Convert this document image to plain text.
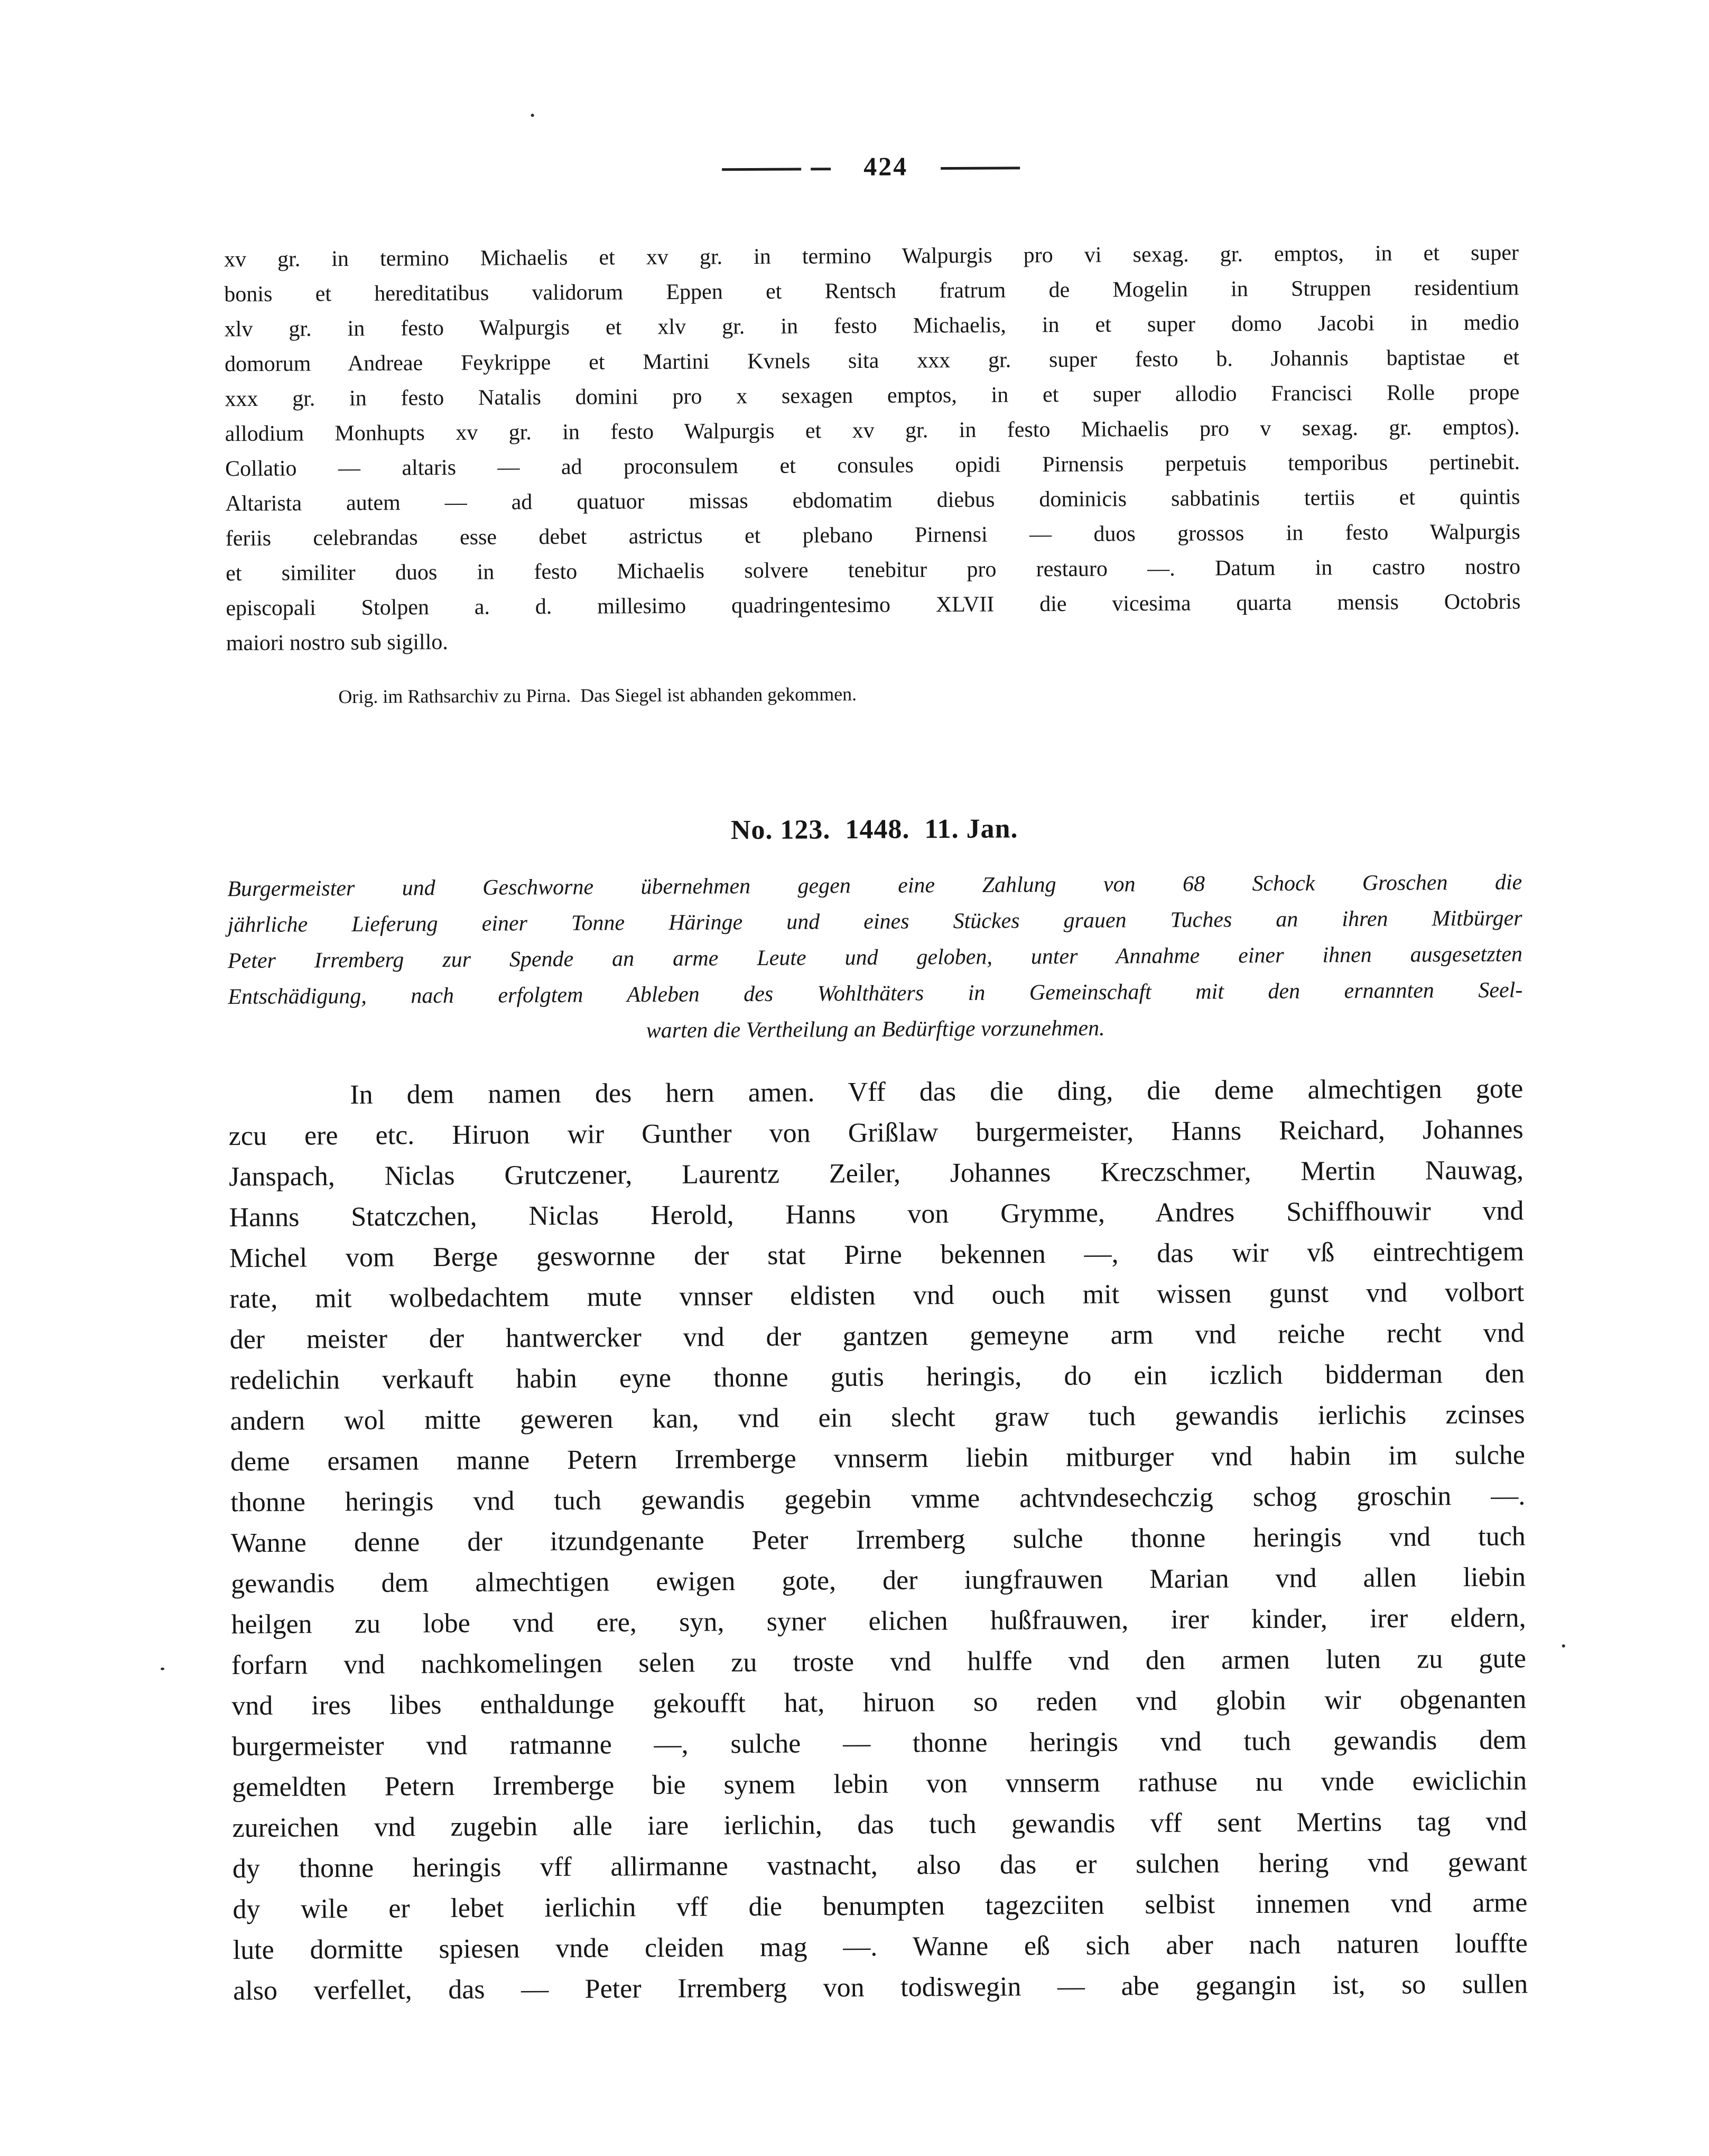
424
xv gr. in termino Michaelis et xv gr. in termino Walpurgis pro vi sexag. gr. emptos, in et super
bonis et hereditatibus validorum Eppen et Rentsch fratrum de Mogelin in Struppen residentium
xlv gr. in festo Walpurgis et xlv gr. in festo Michaelis, in et super domo Jacobi in medio
domorum Andreae Feykrippe et Martini Kvnels sita xxx gr. super festo b. Johannis baptistae et
xxx gr. in festo Natalis domini pro x sexagen emptos, in et super allodio Francisci Rolle prope
allodium Monhupts xv gr. in festo Walpurgis et xv gr. in festo Michaelis pro v sexag. gr. emptos).
Collatio — altaris — ad proconsulem et consules opidi Pirnensis perpetuis temporibus pertinebit.
Altarista autem — ad quatuor missas ebdomatim diebus dominicis sabbatinis tertiis et quintis
feriis celebrandas esse debet astrictus et plebano Pirnensi — duos grossos in festo Walpurgis
et similiter duos in festo Michaelis solvere tenebitur pro restauro —. Datum in castro nostro
episcopali Stolpen a. d. millesimo quadringentesimo XLVII die vicesima quarta mensis Octobris
maiori nostro sub sigillo.
Orig. im Rathsarchiv zu Pirna.  Das Siegel ist abhanden gekommen.
No. 123.  1448.  11. Jan.
Burgermeister und Geschworne übernehmen gegen eine Zahlung von 68 Schock Groschen die
jährliche Lieferung einer Tonne Häringe und eines Stückes grauen Tuches an ihren Mitbürger
Peter Irremberg zur Spende an arme Leute und geloben, unter Annahme einer ihnen ausgesetzten
Entschädigung, nach erfolgtem Ableben des Wohlthäters in Gemeinschaft mit den ernannten Seel-
warten die Vertheilung an Bedürftige vorzunehmen.
In dem namen des hern amen. Vff das die ding, die deme almechtigen gote
zcu ere etc. Hiruon wir Gunther von Grißlaw burgermeister, Hanns Reichard, Johannes
Janspach, Niclas Grutczener, Laurentz Zeiler, Johannes Kreczschmer, Mertin Nauwag,
Hanns Statczchen, Niclas Herold, Hanns von Grymme, Andres Schiffhouwir vnd
Michel vom Berge geswornne der stat Pirne bekennen —, das wir vß eintrechtigem
rate, mit wolbedachtem mute vnnser eldisten vnd ouch mit wissen gunst vnd volbort
der meister der hantwercker vnd der gantzen gemeyne arm vnd reiche recht vnd
redelichin verkauft habin eyne thonne gutis heringis, do ein iczlich bidderman den
andern wol mitte geweren kan, vnd ein slecht graw tuch gewandis ierlichis zcinses
deme ersamen manne Petern Irremberge vnnserm liebin mitburger vnd habin im sulche
thonne heringis vnd tuch gewandis gegebin vmme achtvndesechczig schog groschin —.
Wanne denne der itzundgenante Peter Irremberg sulche thonne heringis vnd tuch
gewandis dem almechtigen ewigen gote, der iungfrauwen Marian vnd allen liebin
heilgen zu lobe vnd ere, syn, syner elichen hußfrauwen, irer kinder, irer eldern,
forfarn vnd nachkomelingen selen zu troste vnd hulffe vnd den armen luten zu gute
vnd ires libes enthaldunge gekoufft hat, hiruon so reden vnd globin wir obgenanten
burgermeister vnd ratmanne —, sulche — thonne heringis vnd tuch gewandis dem
gemeldten Petern Irremberge bie synem lebin von vnnserm rathuse nu vnde ewiclichin
zureichen vnd zugebin alle iare ierlichin, das tuch gewandis vff sent Mertins tag vnd
dy thonne heringis vff allirmanne vastnacht, also das er sulchen hering vnd gewant
dy wile er lebet ierlichin vff die benumpten tagezciiten selbist innemen vnd arme
lute dormitte spiesen vnde cleiden mag —. Wanne eß sich aber nach naturen louffte
also verfellet, das — Peter Irremberg von todiswegin — abe gegangin ist, so sullen
